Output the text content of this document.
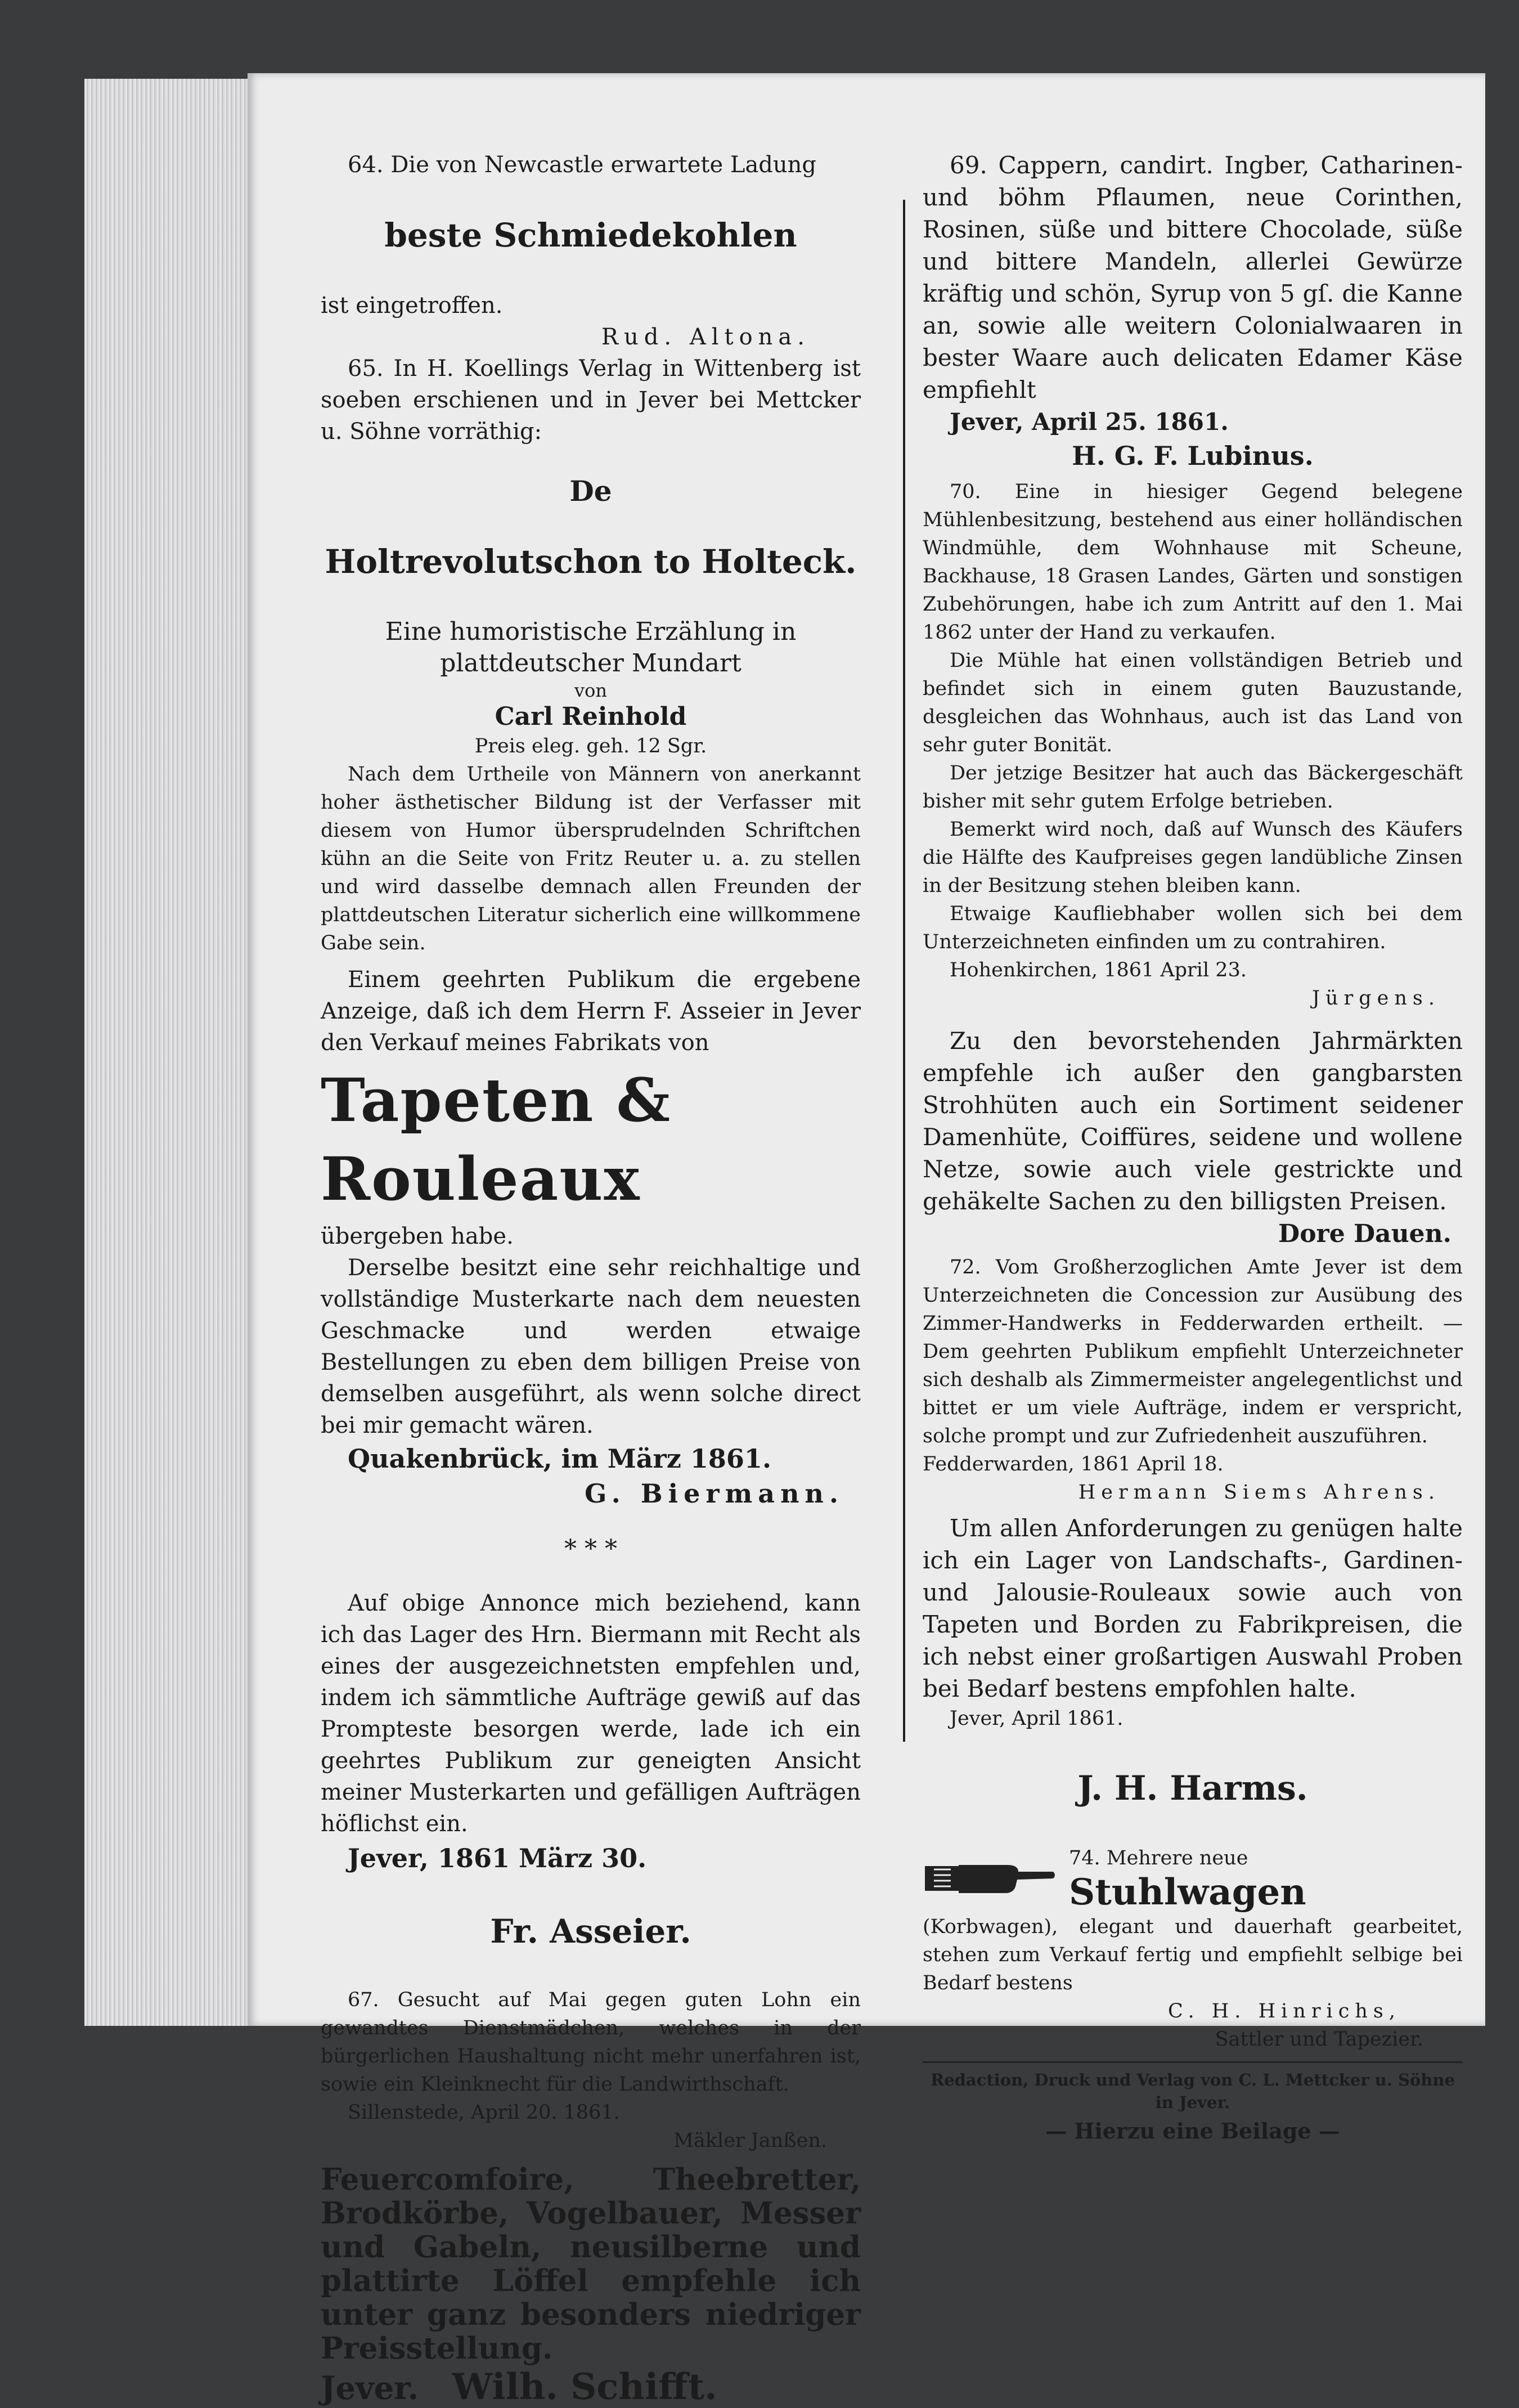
64. Die von Newcastle erwartete Ladung

beste Schmiedekohlen

ist eingetroffen.

Rud. Altona.

65. In H. Koellings Verlag in Wittenberg ist soeben erschienen und in Jever bei Mettcker u. Söhne vorräthig:

De

Holtrevolutschon to Holteck.

Eine humoristische Erzählung in plattdeutscher Mundart

von

Carl Reinhold

Preis eleg. geh. 12 Sgr.

Nach dem Urtheile von Männern von anerkannt hoher ästhetischer Bildung ist der Verfasser mit diesem von Humor übersprudelnden Schriftchen kühn an die Seite von Fritz Reuter u. a. zu stellen und wird dasselbe demnach allen Freunden der plattdeutschen Literatur sicherlich eine willkommene Gabe sein.

Einem geehrten Publikum die ergebene Anzeige, daß ich dem Herrn F. Asseier in Jever den Verkauf meines Fabrikats von

Tapeten & Rouleaux

übergeben habe.

Derselbe besitzt eine sehr reichhaltige und vollständige Musterkarte nach dem neuesten Geschmacke und werden etwaige Bestellungen zu eben dem billigen Preise von demselben ausgeführt, als wenn solche direct bei mir gemacht wären.

Quakenbrück, im März 1861.

G. Biermann.

* * *

Auf obige Annonce mich beziehend, kann ich das Lager des Hrn. Biermann mit Recht als eines der ausgezeichnetsten empfehlen und, indem ich sämmtliche Aufträge gewiß auf das Prompteste besorgen werde, lade ich ein geehrtes Publikum zur geneigten Ansicht meiner Musterkarten und gefälligen Aufträgen höflichst ein.

Jever, 1861 März 30.

Fr. Asseier.

67. Gesucht auf Mai gegen guten Lohn ein gewandtes Dienstmädchen, welches in der bürgerlichen Haushaltung nicht mehr unerfahren ist, sowie ein Kleinknecht für die Landwirthschaft.

Sillenstede, April 20. 1861.

Mäkler Janßen.

Feuercomfoire, Theebretter, Brodkörbe, Vogelbauer, Messer und Gabeln, neusilberne und plattirte Löffel empfehle ich unter ganz besonders niedriger Preisstellung.

Jever. Wilh. Schifft.

69. Cappern, candirt. Ingber, Catharinen- und böhm Pflaumen, neue Corinthen, Rosinen, süße und bittere Chocolade, süße und bittere Mandeln, allerlei Gewürze kräftig und schön, Syrup von 5 gſ. die Kanne an, sowie alle weitern Colonialwaaren in bester Waare auch delicaten Edamer Käse empfiehlt

Jever, April 25. 1861.

H. G. F. Lubinus.

70. Eine in hiesiger Gegend belegene Mühlenbesitzung, bestehend aus einer holländischen Windmühle, dem Wohnhause mit Scheune, Backhause, 18 Grasen Landes, Gärten und sonstigen Zubehörungen, habe ich zum Antritt auf den 1. Mai 1862 unter der Hand zu verkaufen.

Die Mühle hat einen vollständigen Betrieb und befindet sich in einem guten Bauzustande, desgleichen das Wohnhaus, auch ist das Land von sehr guter Bonität.

Der jetzige Besitzer hat auch das Bäckergeschäft bisher mit sehr gutem Erfolge betrieben.

Bemerkt wird noch, daß auf Wunsch des Käufers die Hälfte des Kaufpreises gegen landübliche Zinsen in der Besitzung stehen bleiben kann.

Etwaige Kaufliebhaber wollen sich bei dem Unterzeichneten einfinden um zu contrahiren.

Hohenkirchen, 1861 April 23.

Jürgens.

Zu den bevorstehenden Jahrmärkten empfehle ich außer den gangbarsten Strohhüten auch ein Sortiment seidener Damenhüte, Coiffüres, seidene und wollene Netze, sowie auch viele gestrickte und gehäkelte Sachen zu den billigsten Preisen.

Dore Dauen.

72. Vom Großherzoglichen Amte Jever ist dem Unterzeichneten die Concession zur Ausübung des Zimmer-Handwerks in Fedderwarden ertheilt. — Dem geehrten Publikum empfiehlt Unterzeichneter sich deshalb als Zimmermeister angelegentlichst und bittet er um viele Aufträge, indem er verspricht, solche prompt und zur Zufriedenheit auszuführen.

Fedderwarden, 1861 April 18.

Hermann Siems Ahrens.

Um allen Anforderungen zu genügen halte ich ein Lager von Landschafts-, Gardinen- und Jalousie-Rouleaux sowie auch von Tapeten und Borden zu Fabrikpreisen, die ich nebst einer großartigen Auswahl Proben bei Bedarf bestens empfohlen halte.

Jever, April 1861.

J. H. Harms.

74. Mehrere neue

Stuhlwagen

(Korbwagen), elegant und dauerhaft gearbeitet, stehen zum Verkauf fertig und empfiehlt selbige bei Bedarf bestens

C. H. Hinrichs,

Sattler und Tapezier.

Redaction, Druck und Verlag von C. L. Mettcker u. Söhne in Jever.

— Hierzu eine Beilage —
